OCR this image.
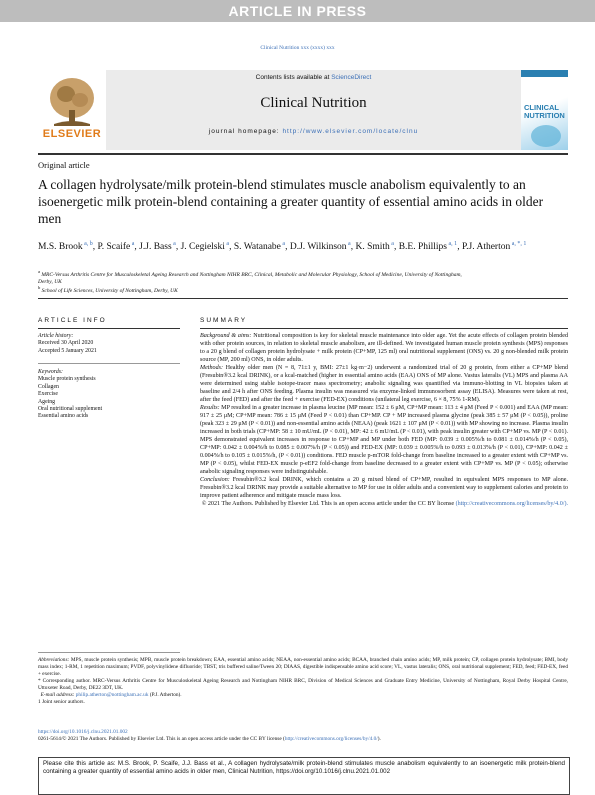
ARTICLE IN PRESS
Clinical Nutrition xxx (xxxx) xxx
ELSEVIER
Contents lists available at ScienceDirect
Clinical Nutrition
journal homepage: http://www.elsevier.com/locate/clnu
CLINICAL NUTRITION
Original article
A collagen hydrolysate/milk protein-blend stimulates muscle anabolism equivalently to an isoenergetic milk protein-blend containing a greater quantity of essential amino acids in older men
M.S. Brook $^{a, b}$, P. Scaife $^a$, J.J. Bass $^a$, J. Cegielski $^a$, S. Watanabe $^a$, D.J. Wilkinson $^a$, K. Smith $^a$, B.E. Phillips $^{a, 1}$, P.J. Atherton $^{a, *, 1}$
$^a$ MRC-Versus Arthritis Centre for Musculoskeletal Ageing Research and Nottingham NIHR BRC, Clinical, Metabolic and Molecular Physiology, School of Medicine, University of Nottingham, Derby, UK
$^b$ School of Life Sciences, University of Nottingham, Derby, UK
ARTICLE INFO	SUMMARY
Article history:
Received 30 April 2020
Accepted 5 January 2021
Keywords:
Muscle protein synthesis
Collagen
Exercise
Ageing
Oral nutritional supplement
Essential amino acids

Background & aims: Nutritional composition is key for skeletal muscle maintenance into older age. Yet the acute effects of collagen protein blended with other protein sources, in relation to skeletal muscle anabolism, are ill-defined. We investigated human muscle protein synthesis (MPS) responses to a 20 g blend of collagen protein hydrolysate + milk protein (CP+MP, 125 ml) oral nutritional supplement (ONS) vs. 20 g non-blended milk protein source (MP, 200 ml) ONS, in older adults.

Methods: Healthy older men (N = 8, 71±1 y, BMI: 27±1 kg·m−2) underwent a randomized trial of 20 g protein, from either a CP+MP blend (Fresubin®3.2 kcal DRINK), or a kcal-matched (higher in essential amino acids (EAA) ONS of MP alone. Vastus lateralis (VL) MPS and plasma AA were determined using stable isotope-tracer mass spectrometry; anabolic signaling was quantified via immuno-blotting in VL biopsies taken at baseline and 2/4 h after ONS feeding. Plasma insulin was measured via enzyme-linked immunosorbent assay (ELISA). Measures were taken at rest, after the feed (FED) and after the feed + exercise (FED-EX) conditions (unilateral leg exercise, 6 × 8, 75% 1-RM).

Results: MP resulted in a greater increase in plasma leucine (MP mean: 152 ± 6 μM, CP+MP mean: 113 ± 4 μM (Feed P < 0.001) and EAA (MP mean: 917 ± 25 μM; CP+MP mean: 786 ± 15 μM (Feed P < 0.01) than CP+MP. CP + MP increased plasma glycine (peak 385 ± 57 μM (P < 0.05)), proline (peak 323 ± 29 μM (P < 0.01)) and non-essential amino acids (NEAA) (peak 1621 ± 107 μM (P < 0.01)) with MP showing no increase. Plasma insulin increased in both trials (CP+MP: 58 ± 10 mU/mL (P < 0.01), MP: 42 ± 6 mU/mL (P < 0.01), with peak insulin greater with CP+MP vs. MP (P < 0.01). MPS demonstrated equivalent increases in response to CP+MP and MP under both FED (MP: 0.039 ± 0.005%/h to 0.081 ± 0.014%/h (P < 0.05), CP+MP: 0.042 ± 0.004%/h to 0.085 ± 0.007%/h (P < 0.05)) and FED-EX (MP: 0.039 ± 0.005%/h to 0.093 ± 0.013%/h (P < 0.01), CP+MP: 0.042 ± 0.004%/h to 0.105 ± 0.015%/h, (P < 0.01)) conditions. FED muscle p-mTOR fold-change from baseline increased to a greater extent with CP+MP vs. MP (P < 0.05), whilst FED-EX muscle p-eEF2 fold-change from baseline decreased to a greater extent with CP+MP vs. MP (P < 0.05); otherwise anabolic signaling responses were indistinguishable.

Conclusion: Fresubin®3.2 kcal DRINK, which contains a 20 g mixed blend of CP+MP, resulted in equivalent MPS responses to MP alone. Fresubin®3.2 kcal DRINK may provide a suitable alternative to MP for use in older adults and a convenient way to supplement calories and protein to improve patient adherence and mitigate muscle mass loss.

© 2021 The Authors. Published by Elsevier Ltd. This is an open access article under the CC BY license (http://creativecommons.org/licenses/by/4.0/).

Abbreviations: MPS, muscle protein synthesis; MPB, muscle protein breakdown; EAA, essential amino acids; NEAA, non-essential amino acids; BCAA, branched chain amino acids; MP, milk protein; CP, collagen protein hydrolysate; BMI, body mass index; 1-RM, 1 repetition maximum; PVDF, polyvinylidene difluoride; TBST, tris buffered saline/Tween 20; DIAAS, digestible indispensable amino acid score; VL, vastus lateralis; ONS, oral nutritional supplement; FED, feed; FED-EX, feed + exercise.

* Corresponding author. MRC-Versus Arthritis Centre for Musculoskeletal Ageing Research and Nottingham NIHR BRC, Division of Medical Sciences and Graduate Entry Medicine, University of Nottingham, Royal Derby Hospital Centre, Uttoxeter Road, Derby, DE22 3DT, UK.

E-mail address: philip.atherton@nottingham.ac.uk (P.J. Atherton).

1 Joint senior authors.

https://doi.org/10.1016/j.clnu.2021.01.002
0261-5614/© 2021 The Authors. Published by Elsevier Ltd. This is an open access article under the CC BY license (http://creativecommons.org/licenses/by/4.0/).
Please cite this article as: M.S. Brook, P. Scaife, J.J. Bass et al., A collagen hydrolysate/milk protein-blend stimulates muscle anabolism equivalently to an isoenergetic milk protein-blend containing a greater quantity of essential amino acids in older men, Clinical Nutrition, https://doi.org/10.1016/j.clnu.2021.01.002
